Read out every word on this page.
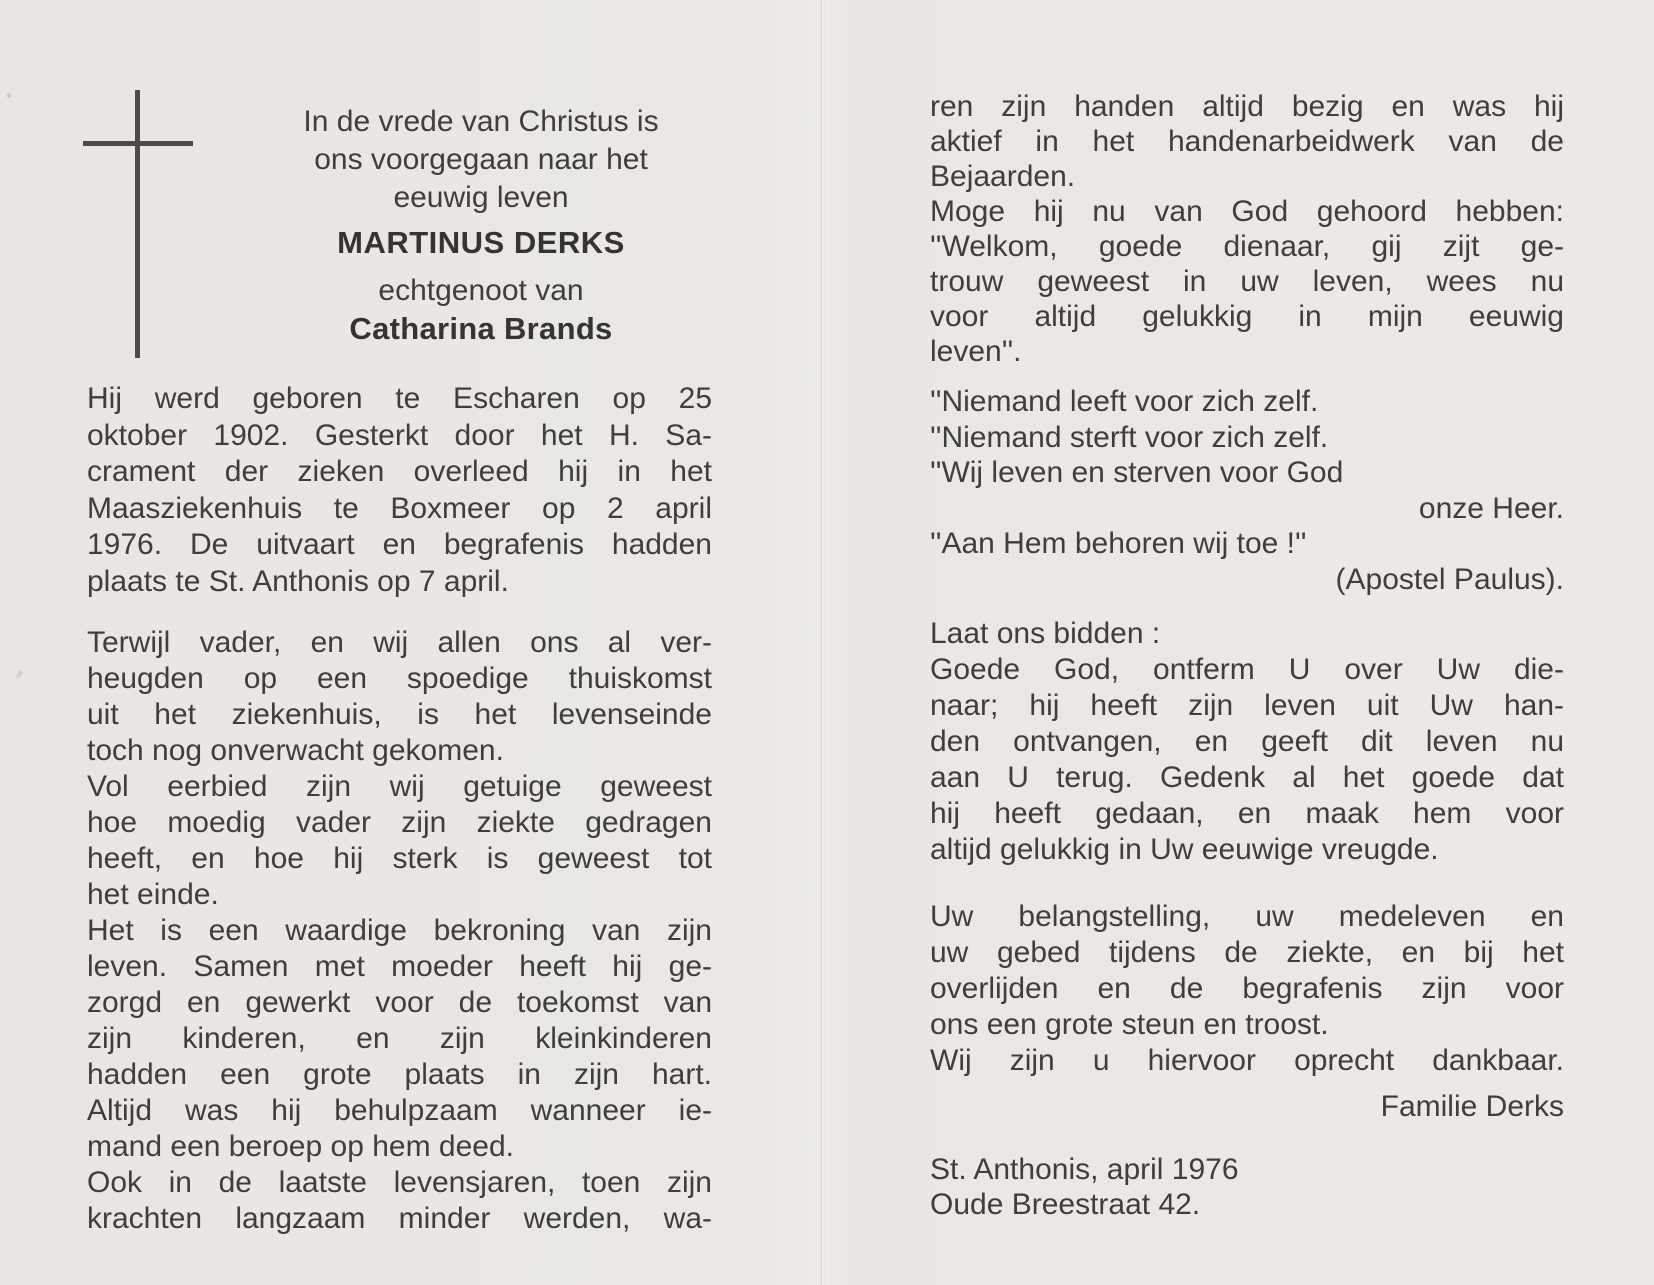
In de vrede van Christus is
ons voorgegaan naar het
eeuwig leven
MARTINUS DERKS
echtgenoot van
Catharina Brands
Hij werd geboren te Escharen op 25
oktober 1902. Gesterkt door het H. Sa-
crament der zieken overleed hij in het
Maasziekenhuis te Boxmeer op 2 april
1976. De uitvaart en begrafenis hadden
plaats te St. Anthonis op 7 april.
Terwijl vader, en wij allen ons al ver-
heugden op een spoedige thuiskomst
uit het ziekenhuis, is het levenseinde
toch nog onverwacht gekomen.
Vol eerbied zijn wij getuige geweest
hoe moedig vader zijn ziekte gedragen
heeft, en hoe hij sterk is geweest tot
het einde.
Het is een waardige bekroning van zijn
leven. Samen met moeder heeft hij ge-
zorgd en gewerkt voor de toekomst van
zijn kinderen, en zijn kleinkinderen
hadden een grote plaats in zijn hart.
Altijd was hij behulpzaam wanneer ie-
mand een beroep op hem deed.
Ook in de laatste levensjaren, toen zijn
krachten langzaam minder werden, wa-
ren zijn handen altijd bezig en was hij
aktief in het handenarbeidwerk van de
Bejaarden.
Moge hij nu van God gehoord hebben:
''Welkom, goede dienaar, gij zijt ge-
trouw geweest in uw leven, wees nu
voor altijd gelukkig in mijn eeuwig
leven''.
''Niemand leeft voor zich zelf.
''Niemand sterft voor zich zelf.
''Wij leven en sterven voor God
onze Heer.
''Aan Hem behoren wij toe !''
(Apostel Paulus).
Laat ons bidden :
Goede God, ontferm U over Uw die-
naar; hij heeft zijn leven uit Uw han-
den ontvangen, en geeft dit leven nu
aan U terug. Gedenk al het goede dat
hij heeft gedaan, en maak hem voor
altijd gelukkig in Uw eeuwige vreugde.
Uw belangstelling, uw medeleven en
uw gebed tijdens de ziekte, en bij het
overlijden en de begrafenis zijn voor
ons een grote steun en troost.
Wij zijn u hiervoor oprecht dankbaar.
Familie Derks
St. Anthonis, april 1976
Oude Breestraat 42.
